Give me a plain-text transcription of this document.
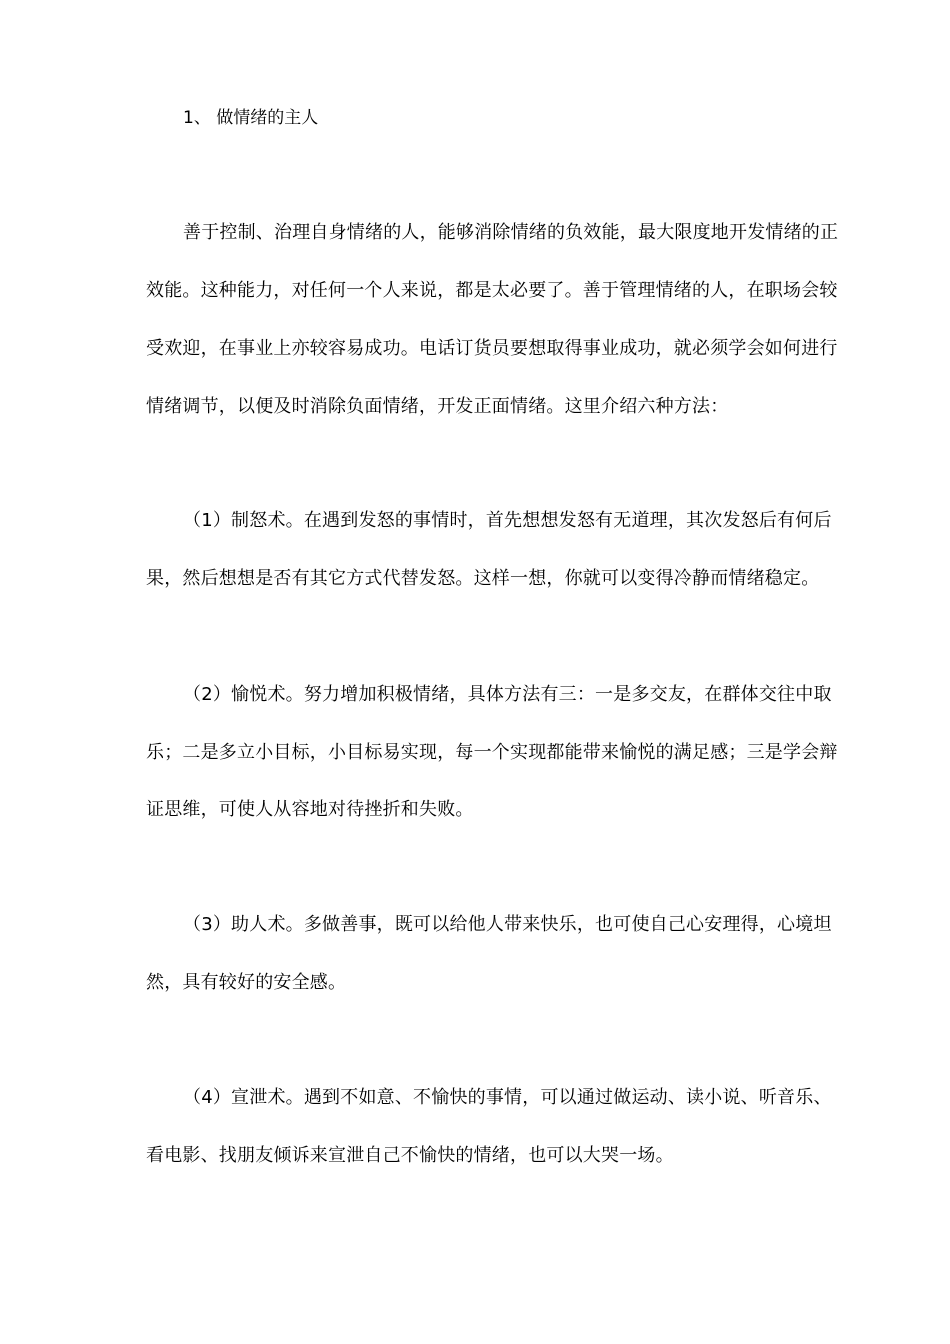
1、 做情绪的主人
善于控制、治理自身情绪的人，能够消除情绪的负效能，最大限度地开发情绪的正
效能。这种能力，对任何一个人来说，都是太必要了。善于管理情绪的人，在职场会较
受欢迎，在事业上亦较容易成功。电话订货员要想取得事业成功，就必须学会如何进行
情绪调节，以便及时消除负面情绪，开发正面情绪。这里介绍六种方法：
（1）制怒术。在遇到发怒的事情时，首先想想发怒有无道理，其次发怒后有何后
果，然后想想是否有其它方式代替发怒。这样一想，你就可以变得冷静而情绪稳定。
（2）愉悦术。努力增加积极情绪，具体方法有三：一是多交友，在群体交往中取
乐；二是多立小目标，小目标易实现，每一个实现都能带来愉悦的满足感；三是学会辩
证思维，可使人从容地对待挫折和失败。
（3）助人术。多做善事，既可以给他人带来快乐，也可使自己心安理得，心境坦
然，具有较好的安全感。
（4）宣泄术。遇到不如意、不愉快的事情，可以通过做运动、读小说、听音乐、
看电影、找朋友倾诉来宣泄自己不愉快的情绪，也可以大哭一场。
